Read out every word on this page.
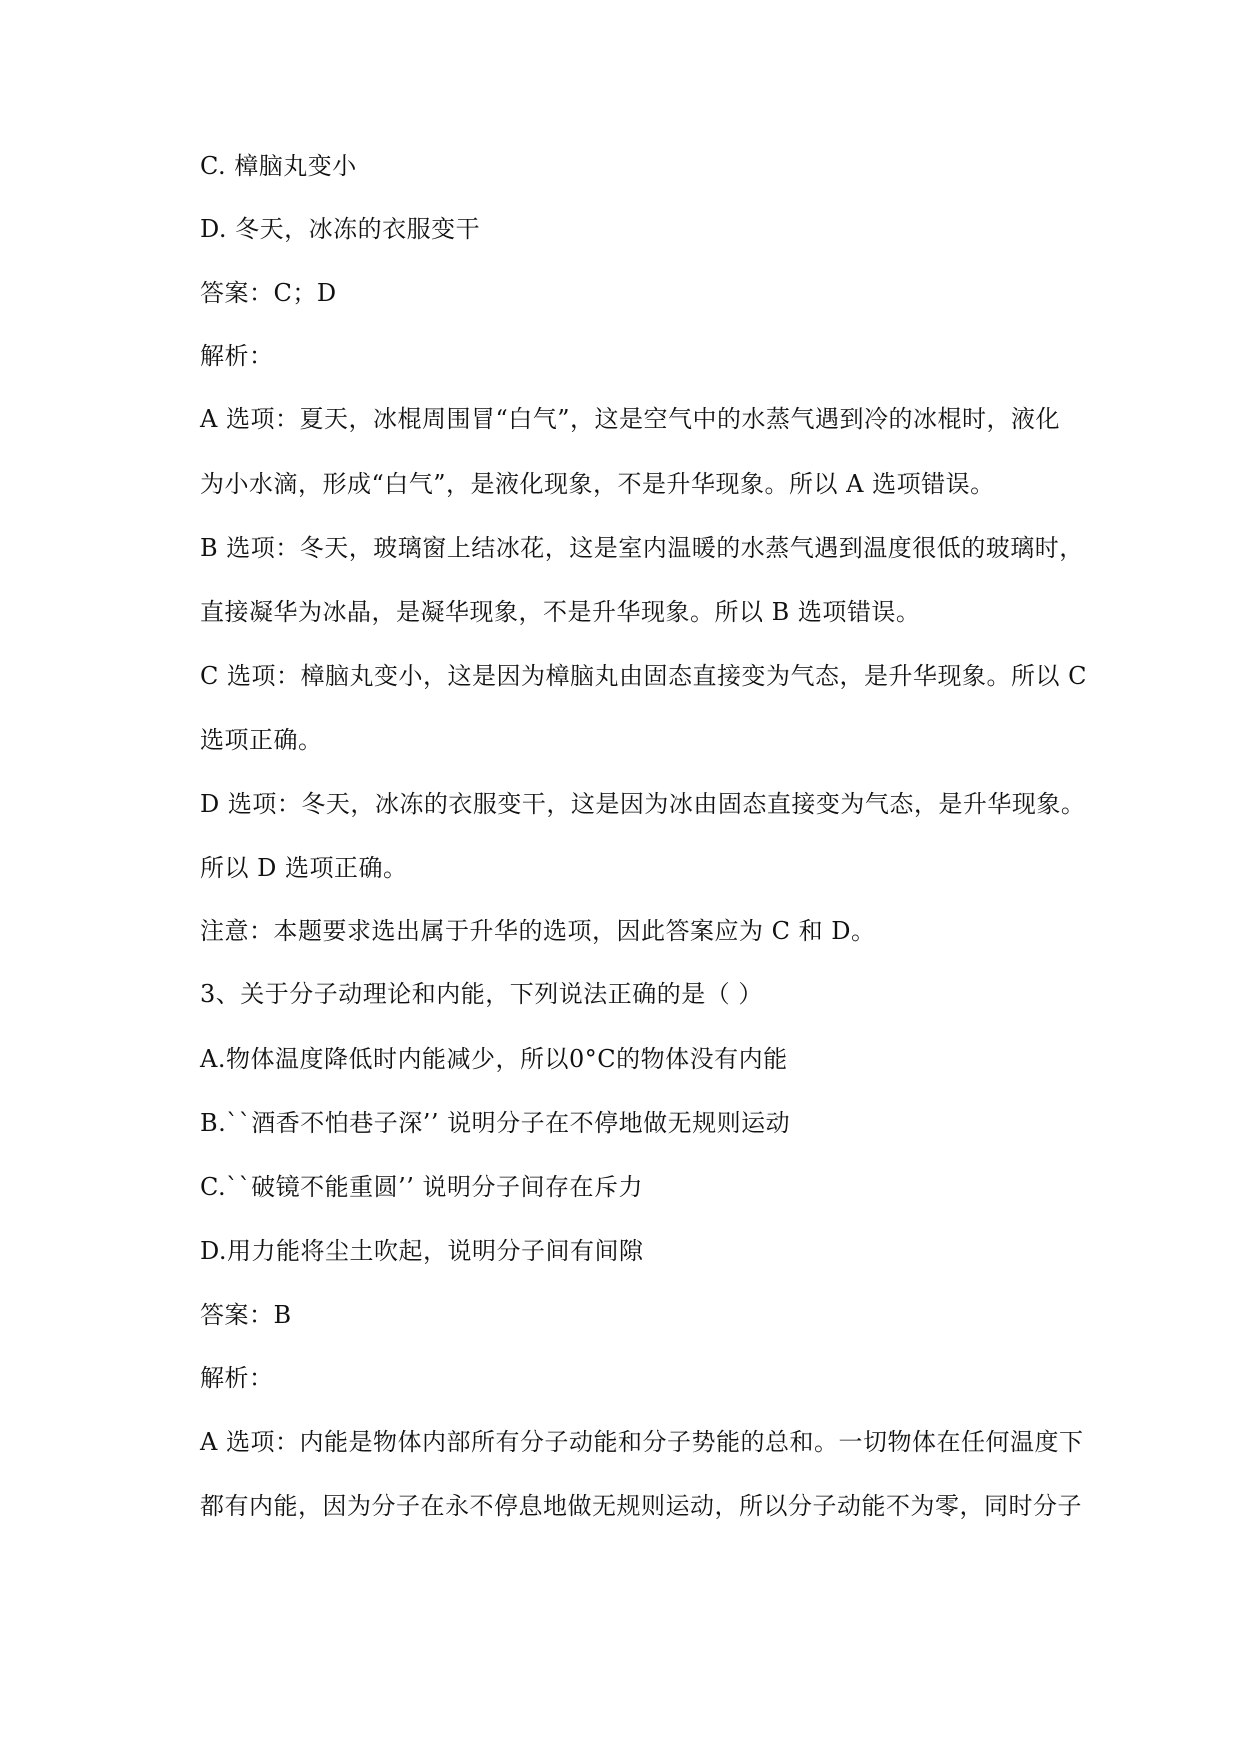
C. 樟脑丸变小
D. 冬天，冰冻的衣服变干
答案：C；D
解析：
A 选项：夏天，冰棍周围冒“白气”，这是空气中的水蒸气遇到冷的冰棍时，液化
为小水滴，形成“白气”，是液化现象，不是升华现象。所以 A 选项错误。
B 选项：冬天，玻璃窗上结冰花，这是室内温暖的水蒸气遇到温度很低的玻璃时，
直接凝华为冰晶，是凝华现象，不是升华现象。所以 B 选项错误。
C 选项：樟脑丸变小，这是因为樟脑丸由固态直接变为气态，是升华现象。所以 C
选项正确。
D 选项：冬天，冰冻的衣服变干，这是因为冰由固态直接变为气态，是升华现象。
所以 D 选项正确。
注意：本题要求选出属于升华的选项，因此答案应为 C 和 D。
3、关于分子动理论和内能，下列说法正确的是（ ）
A.物体温度降低时内能减少，所以0°C的物体没有内能
B.``酒香不怕巷子深’’ 说明分子在不停地做无规则运动
C.``破镜不能重圆’’ 说明分子间存在斥力
D.用力能将尘土吹起，说明分子间有间隙
答案：B
解析：
A 选项：内能是物体内部所有分子动能和分子势能的总和。一切物体在任何温度下
都有内能，因为分子在永不停息地做无规则运动，所以分子动能不为零，同时分子
